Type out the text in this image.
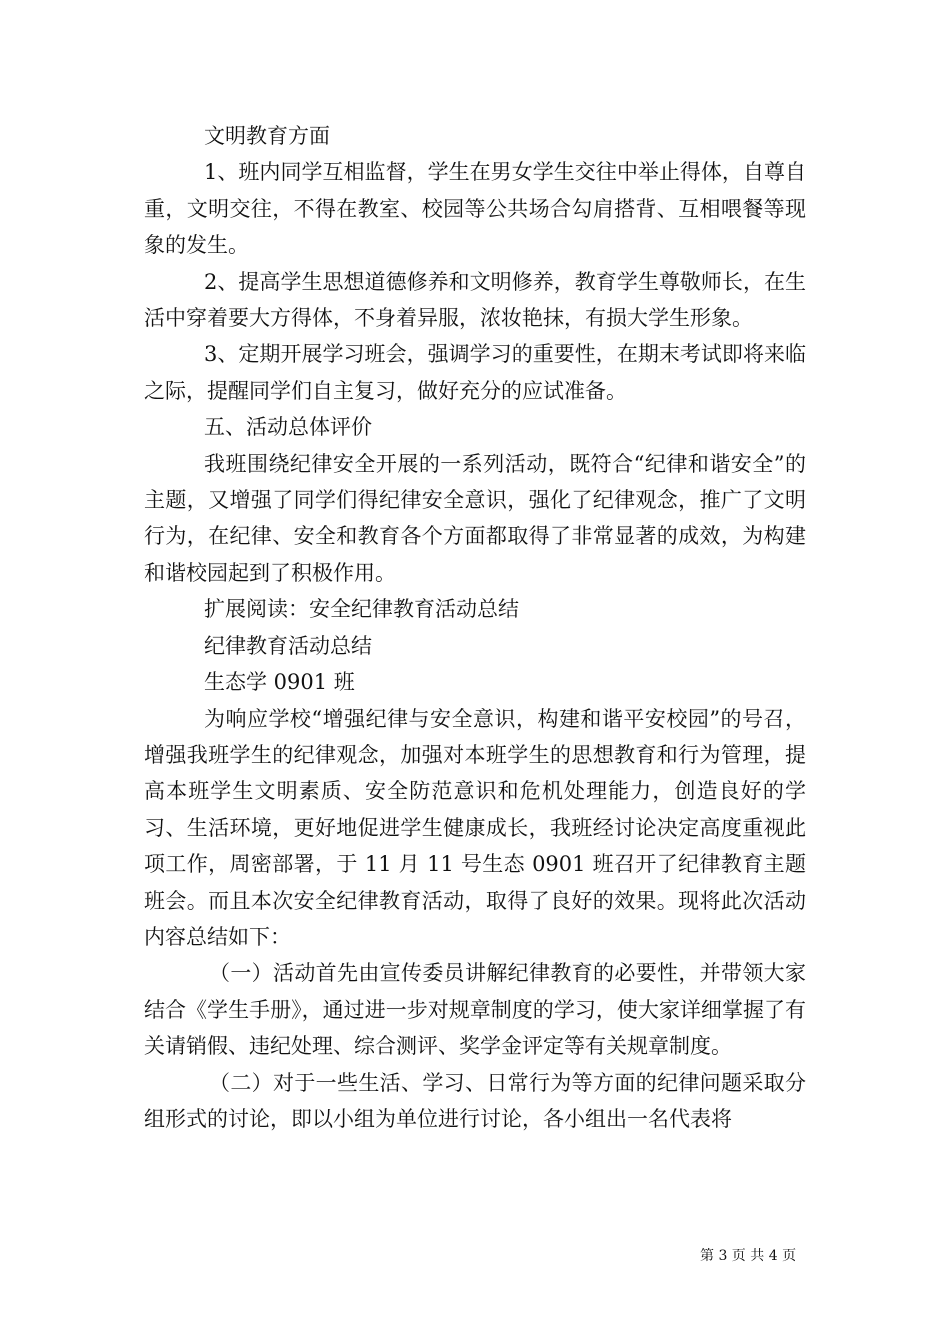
文明教育方面

1、班内同学互相监督，学生在男女学生交往中举止得体，自尊自重，文明交往，不得在教室、校园等公共场合勾肩搭背、互相喂餐等现象的发生。

2、提高学生思想道德修养和文明修养，教育学生尊敬师长，在生活中穿着要大方得体，不身着异服，浓妆艳抹，有损大学生形象。

3、定期开展学习班会，强调学习的重要性，在期末考试即将来临之际，提醒同学们自主复习，做好充分的应试准备。

五、活动总体评价

我班围绕纪律安全开展的一系列活动，既符合“纪律和谐安全”的主题，又增强了同学们得纪律安全意识，强化了纪律观念，推广了文明行为，在纪律、安全和教育各个方面都取得了非常显著的成效，为构建和谐校园起到了积极作用。

扩展阅读：安全纪律教育活动总结

纪律教育活动总结

生态学 0901 班

为响应学校“增强纪律与安全意识，构建和谐平安校园”的号召，增强我班学生的纪律观念，加强对本班学生的思想教育和行为管理，提高本班学生文明素质、安全防范意识和危机处理能力，创造良好的学习、生活环境，更好地促进学生健康成长，我班经讨论决定高度重视此项工作，周密部署，于 11 月 11 号生态 0901 班召开了纪律教育主题班会。而且本次安全纪律教育活动，取得了良好的效果。现将此次活动内容总结如下：

（一）活动首先由宣传委员讲解纪律教育的必要性，并带领大家结合《学生手册》，通过进一步对规章制度的学习，使大家详细掌握了有关请销假、违纪处理、综合测评、奖学金评定等有关规章制度。

（二）对于一些生活、学习、日常行为等方面的纪律问题采取分组形式的讨论，即以小组为单位进行讨论，各小组出一名代表将

第 3 页 共 4 页
